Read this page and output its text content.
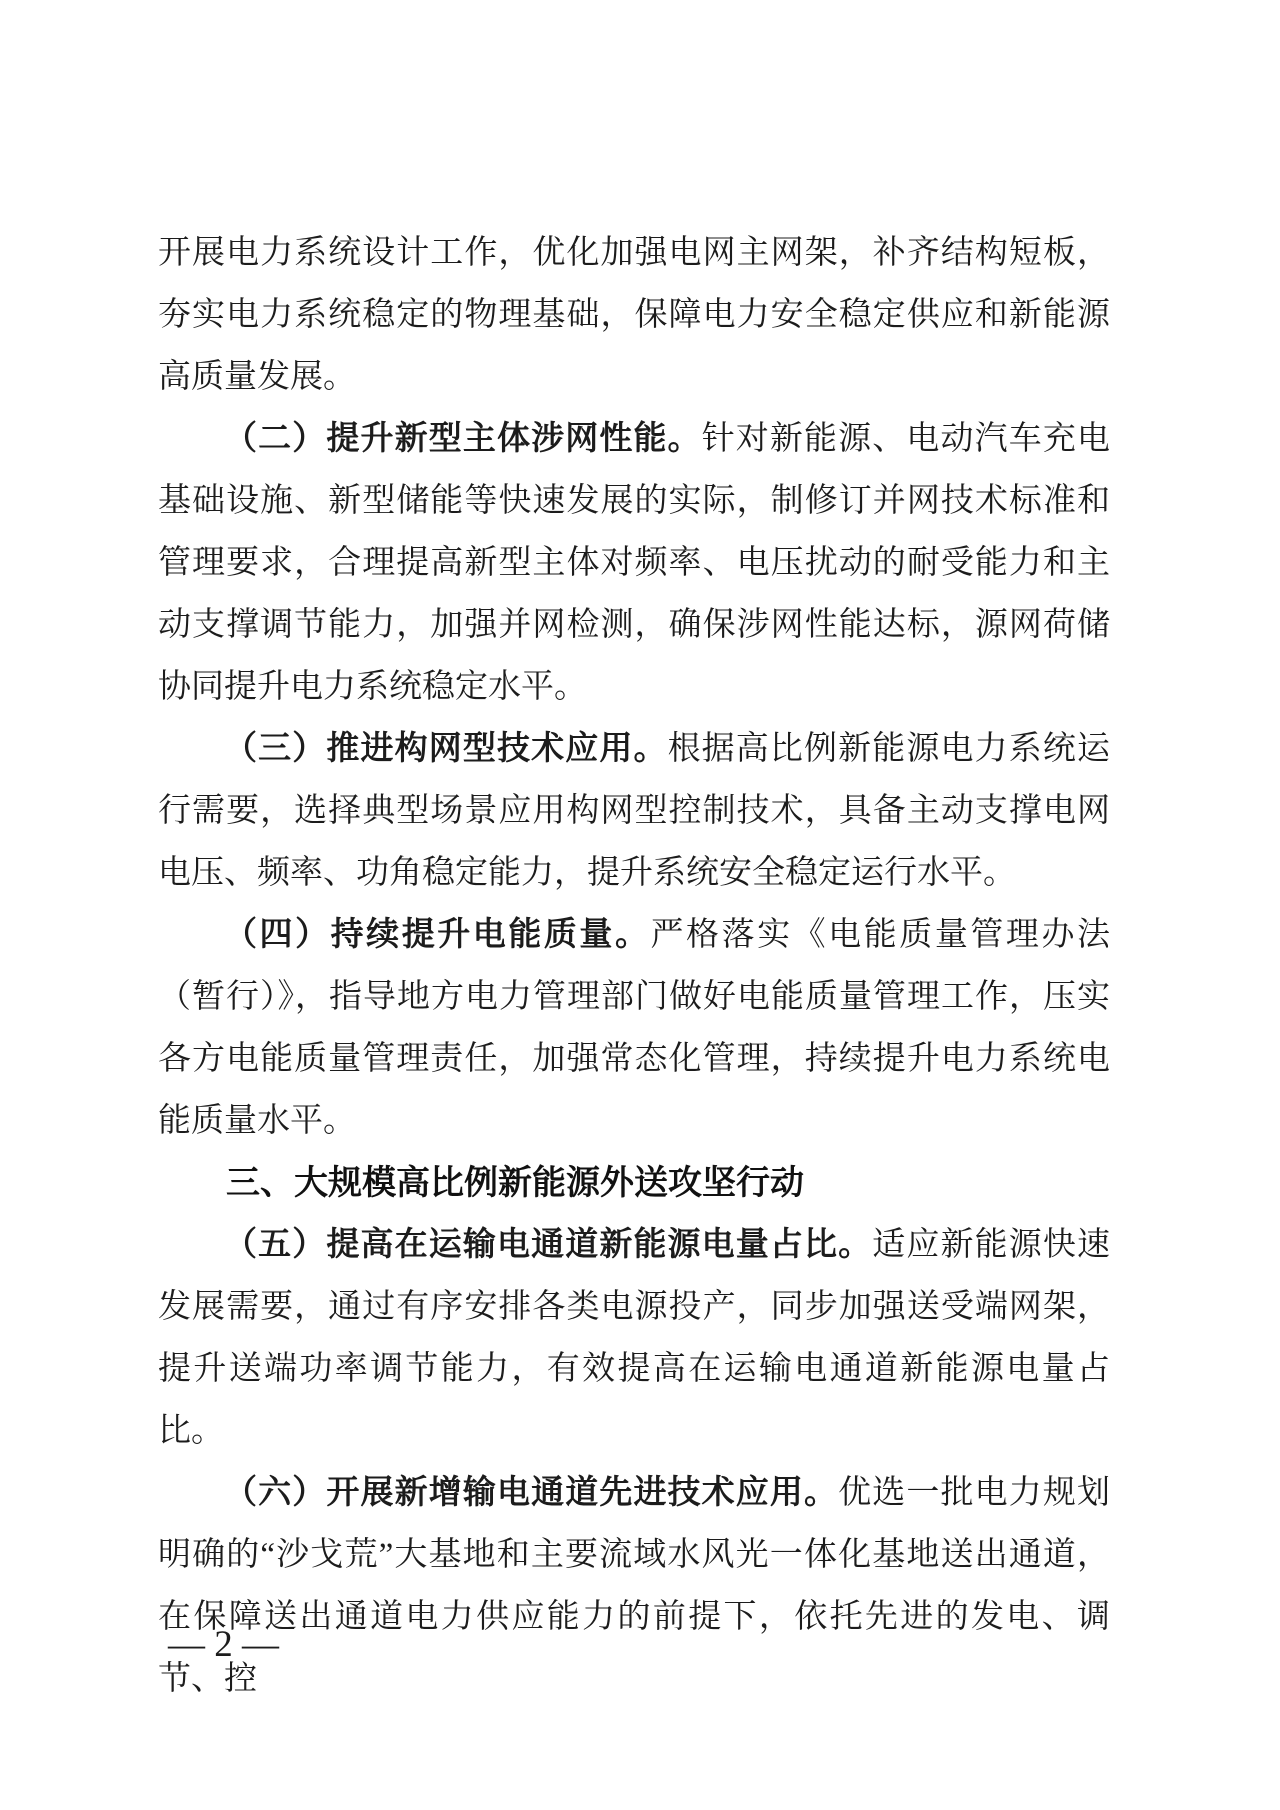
开展电力系统设计工作，优化加强电网主网架，补齐结构短板，夯实电力系统稳定的物理基础，保障电力安全稳定供应和新能源高质量发展。

（二）提升新型主体涉网性能。针对新能源、电动汽车充电基础设施、新型储能等快速发展的实际，制修订并网技术标准和管理要求，合理提高新型主体对频率、电压扰动的耐受能力和主动支撑调节能力，加强并网检测，确保涉网性能达标，源网荷储协同提升电力系统稳定水平。

（三）推进构网型技术应用。根据高比例新能源电力系统运行需要，选择典型场景应用构网型控制技术，具备主动支撑电网电压、频率、功角稳定能力，提升系统安全稳定运行水平。

（四）持续提升电能质量。严格落实《电能质量管理办法（暂行）》，指导地方电力管理部门做好电能质量管理工作，压实各方电能质量管理责任，加强常态化管理，持续提升电力系统电能质量水平。

三、大规模高比例新能源外送攻坚行动

（五）提高在运输电通道新能源电量占比。适应新能源快速发展需要，通过有序安排各类电源投产，同步加强送受端网架，提升送端功率调节能力，有效提高在运输电通道新能源电量占比。

（六）开展新增输电通道先进技术应用。优选一批电力规划明确的“沙戈荒”大基地和主要流域水风光一体化基地送出通道，在保障送出通道电力供应能力的前提下，依托先进的发电、调节、控

— 2 —
